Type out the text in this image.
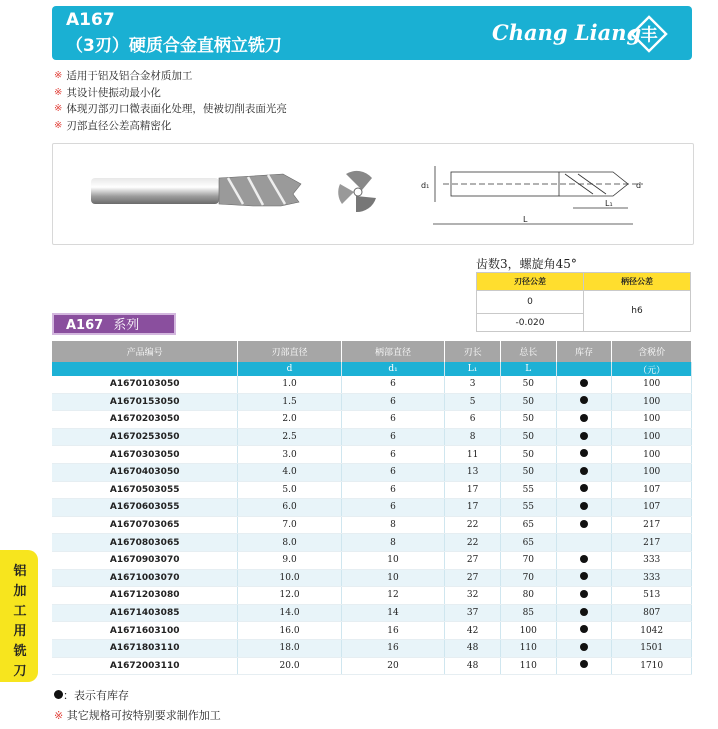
A167
（3刃）硬质合金直柄立铣刀
Chang Liang 丰
※ 适用于铝及铝合金材质加工
※ 其设计使振动最小化
※ 体现刃部刃口微表面化处理，使被切削表面光亮
※ 刃部直径公差高精密化
d₁	d
L₁
L
齿数3，螺旋角45°
刃径公差	柄径公差
0	h6
-0.020	
A167 系列
产品编号	刃部直径	柄部直径	刃长	总长	库存	含税价
	d	d₁	L₁	L		（元）
A1670103050	1.0	6	3	50		100
A1670153050	1.5	6	5	50		100
A1670203050	2.0	6	6	50		100
A1670253050	2.5	6	8	50		100
A1670303050	3.0	6	11	50		100
A1670403050	4.0	6	13	50		100
A1670503055	5.0	6	17	55		107
A1670603055	6.0	6	17	55		107
A1670703065	7.0	8	22	65		217
A1670803065	8.0	8	22	65		217
A1670903070	9.0	10	27	70		333
A1671003070	10.0	10	27	70		333
A1671203080	12.0	12	32	80		513
A1671403085	14.0	14	37	85		807
A1671603100	16.0	16	42	100		1042
A1671803110	18.0	16	48	110		1501
A1672003110	20.0	20	48	110		1710
铝
加
工
用
铣
刀
：表示有库存
※ 其它规格可按特别要求制作加工
